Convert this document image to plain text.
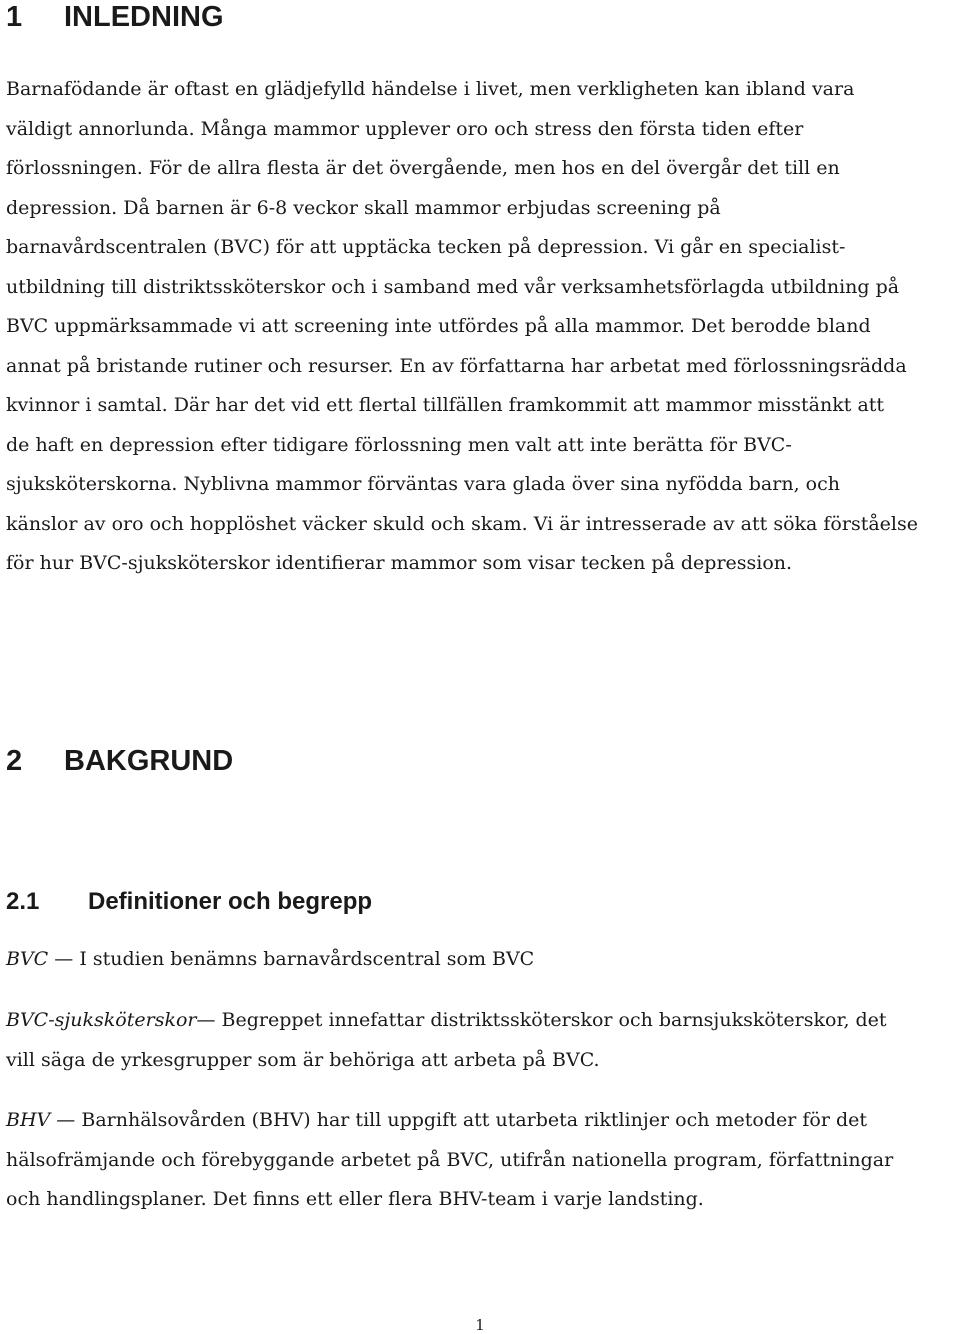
1 INLEDNING

Barnafödande är oftast en glädjefylld händelse i livet, men verkligheten kan ibland vara
väldigt annorlunda. Många mammor upplever oro och stress den första tiden efter
förlossningen. För de allra flesta är det övergående, men hos en del övergår det till en
depression. Då barnen är 6-8 veckor skall mammor erbjudas screening på
barnavårdscentralen (BVC) för att upptäcka tecken på depression. Vi går en specialist-
utbildning till distriktssköterskor och i samband med vår verksamhetsförlagda utbildning på
BVC uppmärksammade vi att screening inte utfördes på alla mammor. Det berodde bland
annat på bristande rutiner och resurser. En av författarna har arbetat med förlossningsrädda
kvinnor i samtal. Där har det vid ett flertal tillfällen framkommit att mammor misstänkt att
de haft en depression efter tidigare förlossning men valt att inte berätta för BVC-
sjuksköterskorna. Nyblivna mammor förväntas vara glada över sina nyfödda barn, och
känslor av oro och hopplöshet väcker skuld och skam. Vi är intresserade av att söka förståelse
för hur BVC-sjuksköterskor identifierar mammor som visar tecken på depression.

2 BAKGRUND
2.1 Definitioner och begrepp

BVC — I studien benämns barnavårdscentral som BVC

BVC-sjuksköterskor— Begreppet innefattar distriktssköterskor och barnsjuksköterskor, det
vill säga de yrkesgrupper som är behöriga att arbeta på BVC.

BHV — Barnhälsovården (BHV) har till uppgift att utarbeta riktlinjer och metoder för det
hälsofrämjande och förebyggande arbetet på BVC, utifrån nationella program, författningar
och handlingsplaner. Det finns ett eller flera BHV-team i varje landsting.

1
